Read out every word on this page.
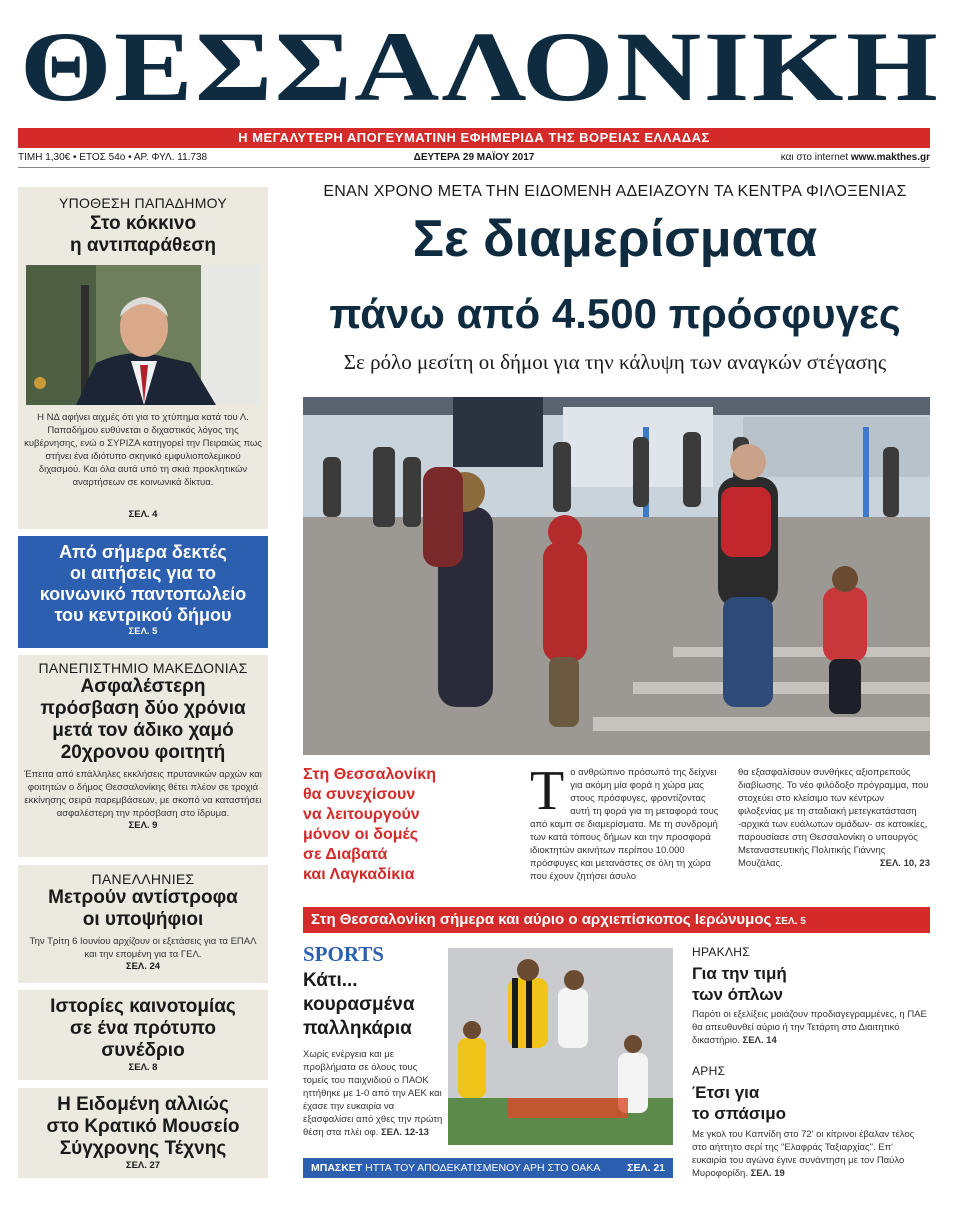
ΘΕΣΣΑΛΟΝΙΚΗ
Η ΜΕΓΑΛΥΤΕΡΗ ΑΠΟΓΕΥΜΑΤΙΝΗ ΕΦΗΜΕΡΙΔΑ ΤΗΣ ΒΟΡΕΙΑΣ ΕΛΛΑΔΑΣ
ΔΕΥΤΕΡΑ 29 ΜΑΪΟΥ 2017
ΤΙΜΗ 1,30€ • ΕΤΟΣ 54ο • ΑΡ. ΦΥΛ. 11.738	και στο internet www.makthes.gr
ΥΠΟΘΕΣΗ ΠΑΠΑΔΗΜΟΥ
Στο κόκκινο
η αντιπαράθεση
Η ΝΔ αφήνει αιχμές ότι για το χτύπημα κατά του Λ. Παπαδήμου ευθύνεται ο διχαστικός λόγος της κυβέρνησης, ενώ ο ΣΥΡΙΖΑ κατηγορεί την Πειραιώς πως στήνει ένα ιδιότυπο σκηνικό εμφυλιοπολεμικού διχασμού. Και όλα αυτά υπό τη σκιά προκλητικών αναρτήσεων σε κοινωνικά δίκτυα.
ΣΕΛ. 4
Από σήμερα δεκτές
οι αιτήσεις για το
κοινωνικό παντοπωλείο
του κεντρικού δήμου
ΣΕΛ. 5
ΠΑΝΕΠΙΣΤΗΜΙΟ ΜΑΚΕΔΟΝΙΑΣ
Ασφαλέστερη
πρόσβαση δύο χρόνια
μετά τον άδικο χαμό
20χρονου φοιτητή
Έπειτα από επάλληλες εκκλήσεις πρυτανικών αρχών και φοιτητών ο δήμος Θεσσαλονίκης θέτει πλέον σε τροχιά εκκίνησης σειρά παρεμβάσεων, με σκοπό να καταστήσει ασφαλέστερη την πρόσβαση στο ίδρυμα.
ΣΕΛ. 9
ΠΑΝΕΛΛΗΝΙΕΣ
Μετρούν αντίστροφα
οι υποψήφιοι
Την Τρίτη 6 Ιουνίου αρχίζουν οι εξετάσεις για τα ΕΠΑΛ και την επομένη για τα ΓΕΛ.
ΣΕΛ. 24
Ιστορίες καινοτομίας
σε ένα πρότυπο
συνέδριο
ΣΕΛ. 8
Η Ειδομένη αλλιώς
στο Κρατικό Μουσείο
Σύγχρονης Τέχνης
ΣΕΛ. 27
ΕΝΑΝ ΧΡΟΝΟ ΜΕΤΑ ΤΗΝ ΕΙΔΟΜΕΝΗ ΑΔΕΙΑΖΟΥΝ ΤΑ ΚΕΝΤΡΑ ΦΙΛΟΞΕΝΙΑΣ
Σε διαμερίσματα
πάνω από 4.500 πρόσφυγες
Σε ρόλο μεσίτη οι δήμοι για την κάλυψη των αναγκών στέγασης
Στη Θεσσαλονίκη
θα συνεχίσουν
να λειτουργούν
μόνον οι δομές
σε Διαβατά
και Λαγκαδίκια
Το ανθρώπινο πρόσωπό της δείχνει για ακόμη μία φορά η χώρα μας στους πρόσφυγες, φροντίζοντας αυτή τη φορά για τη μεταφορά τους από καμπ σε διαμερίσματα. Με τη συνδρομή των κατά τόπους δήμων και την προσφορά ιδιοκτητών ακινήτων περίπου 10.000 πρόσφυγες και μετανάστες σε όλη τη χώρα που έχουν ζητήσει άσυλο
θα εξασφαλίσουν συνθήκες αξιοπρεπούς διαβίωσης. Το νέο φιλόδοξο πρόγραμμα, που στοχεύει στο κλείσιμο των κέντρων φιλοξενίας με τη σταδιακή μετεγκατάσταση -αρχικά των ευάλωτων ομάδων- σε κατοικίες, παρουσίασε στη Θεσσαλονίκη ο υπουργός Μεταναστευτικής Πολιτικής Γιάννης Μουζάλας.	ΣΕΛ. 10, 23
Στη Θεσσαλονίκη σήμερα και αύριο ο αρχιεπίσκοπος Ιερώνυμος ΣΕΛ. 5
SPORTS
Κάτι...
κουρασμένα
παλληκάρια
Χωρίς ενέργεια και με προβλήματα σε όλους τους τομείς του παιχνιδιού ο ΠΑΟΚ ηττήθηκε με 1-0 από την ΑΕΚ και έχασε την ευκαιρία να εξασφαλίσει από χθες την πρώτη θέση στα πλέι οφ. ΣΕΛ. 12-13
ΜΠΑΣΚΕΤ ΗΤΤΑ ΤΟΥ ΑΠΟΔΕΚΑΤΙΣΜΕΝΟΥ ΑΡΗ ΣΤΟ ΟΑΚΑ	ΣΕΛ. 21
ΗΡΑΚΛΗΣ
Για την τιμή
των όπλων
Παρότι οι εξελίξεις μοιάζουν προδιαγεγραμμένες, η ΠΑΕ θα απευθυνθεί αύριο ή την Τετάρτη στο Διαιτητικό δικαστήριο. ΣΕΛ. 14
ΑΡΗΣ
Έτσι για
το σπάσιμο
Με γκολ του Καπνίδη στο 72' οι κίτρινοι έβαλαν τέλος στο αήττητο σερί της "Ελαφράς Ταξιαρχίας". Επ' ευκαιρία του αγώνα έγινε συνάντηση με τον Παύλο Μυροφορίδη. ΣΕΛ. 19
